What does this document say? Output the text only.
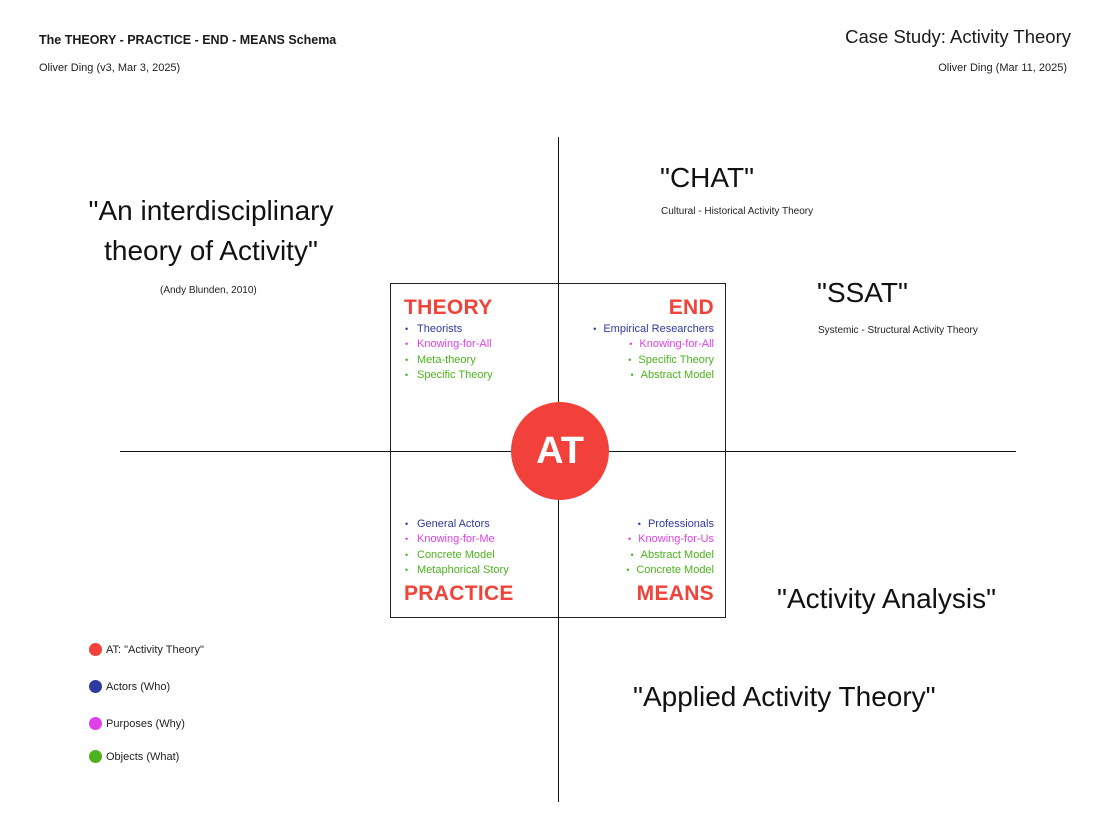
The THEORY - PRACTICE - END - MEANS Schema
Oliver Ding (v3, Mar 3, 2025)
Case Study: Activity Theory
Oliver Ding (Mar 11, 2025)
THEORY
• Theorists
• Knowing-for-All
• Meta-theory
• Specific Theory
END
• Empirical Researchers
• Knowing-for-All
• Specific Theory
• Abstract Model
• General Actors
• Knowing-for-Me
• Concrete Model
• Metaphorical Story
PRACTICE
• Professionals
• Knowing-for-Us
• Abstract Model
• Concrete Model
MEANS
AT
"An interdisciplinary
theory of Activity"
(Andy Blunden, 2010)
"CHAT"
Cultural - Historical Activity Theory
"SSAT"
Systemic - Structural Activity Theory
"Activity Analysis"
"Applied Activity Theory"
AT: "Activity Theory"
Actors (Who)
Purposes (Why)
Objects (What)
